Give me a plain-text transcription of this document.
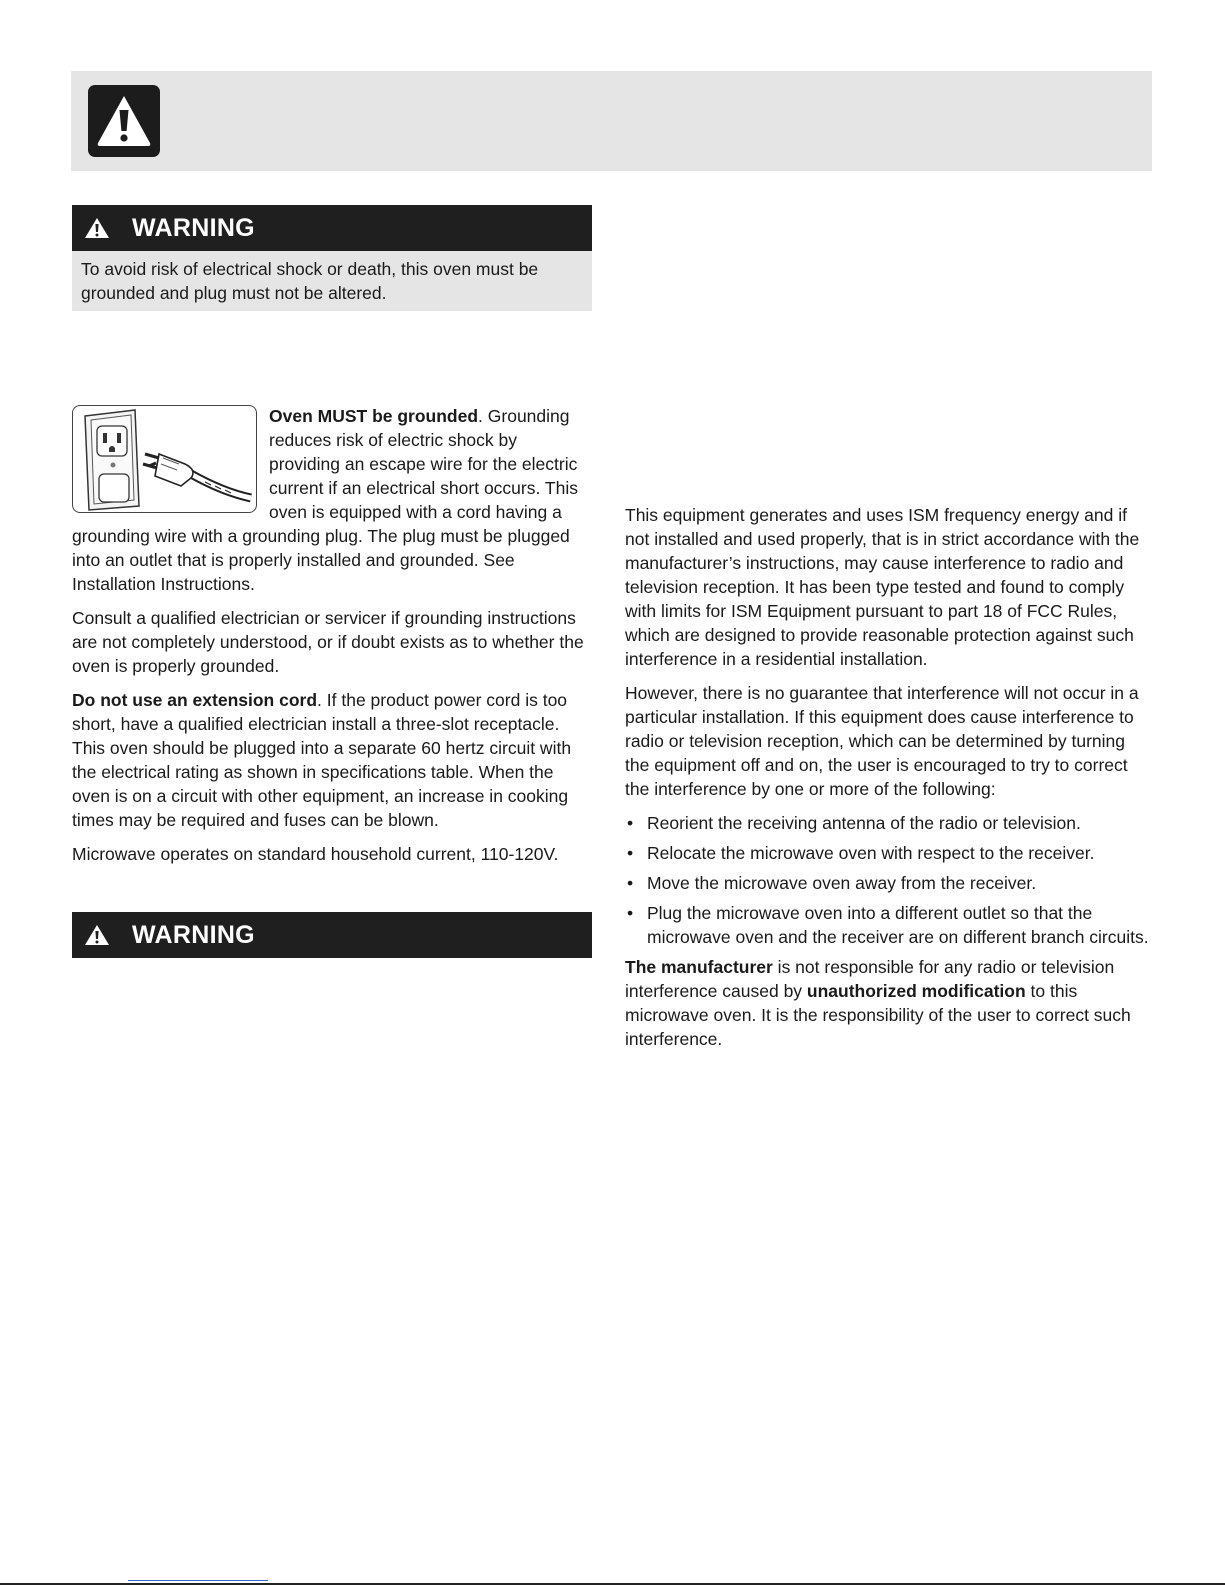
WARNING
To avoid risk of electrical shock or death, this oven must be grounded and plug must not be altered.

Oven MUST be grounded. Grounding reduces risk of electric shock by providing an escape wire for the electric current if an electrical short occurs. This oven is equipped with a cord having a grounding wire with a grounding plug. The plug must be plugged into an outlet that is properly installed and grounded. See Installation Instructions.

Consult a qualified electrician or servicer if grounding instructions are not completely understood, or if doubt exists as to whether the oven is properly grounded.

Do not use an extension cord. If the product power cord is too short, have a qualified electrician install a three-slot receptacle. This oven should be plugged into a separate 60 hertz circuit with the electrical rating as shown in specifications table. When the oven is on a circuit with other equipment, an increase in cooking times may be required and fuses can be blown.

Microwave operates on standard household current, 110-120V.

WARNING

This equipment generates and uses ISM frequency energy and if not installed and used properly, that is in strict accordance with the manufacturer’s instructions, may cause interference to radio and television reception. It has been type tested and found to comply with limits for ISM Equipment pursuant to part 18 of FCC Rules, which are designed to provide reasonable protection against such interference in a residential installation.

However, there is no guarantee that interference will not occur in a particular installation. If this equipment does cause interference to radio or television reception, which can be determined by turning the equipment off and on, the user is encouraged to try to correct the interference by one or more of the following:

• Reorient the receiving antenna of the radio or television.
• Relocate the microwave oven with respect to the receiver.
• Move the microwave oven away from the receiver.
• Plug the microwave oven into a different outlet so that the microwave oven and the receiver are on different branch circuits.

The manufacturer is not responsible for any radio or television interference caused by unauthorized modification to this microwave oven. It is the responsibility of the user to correct such interference.
